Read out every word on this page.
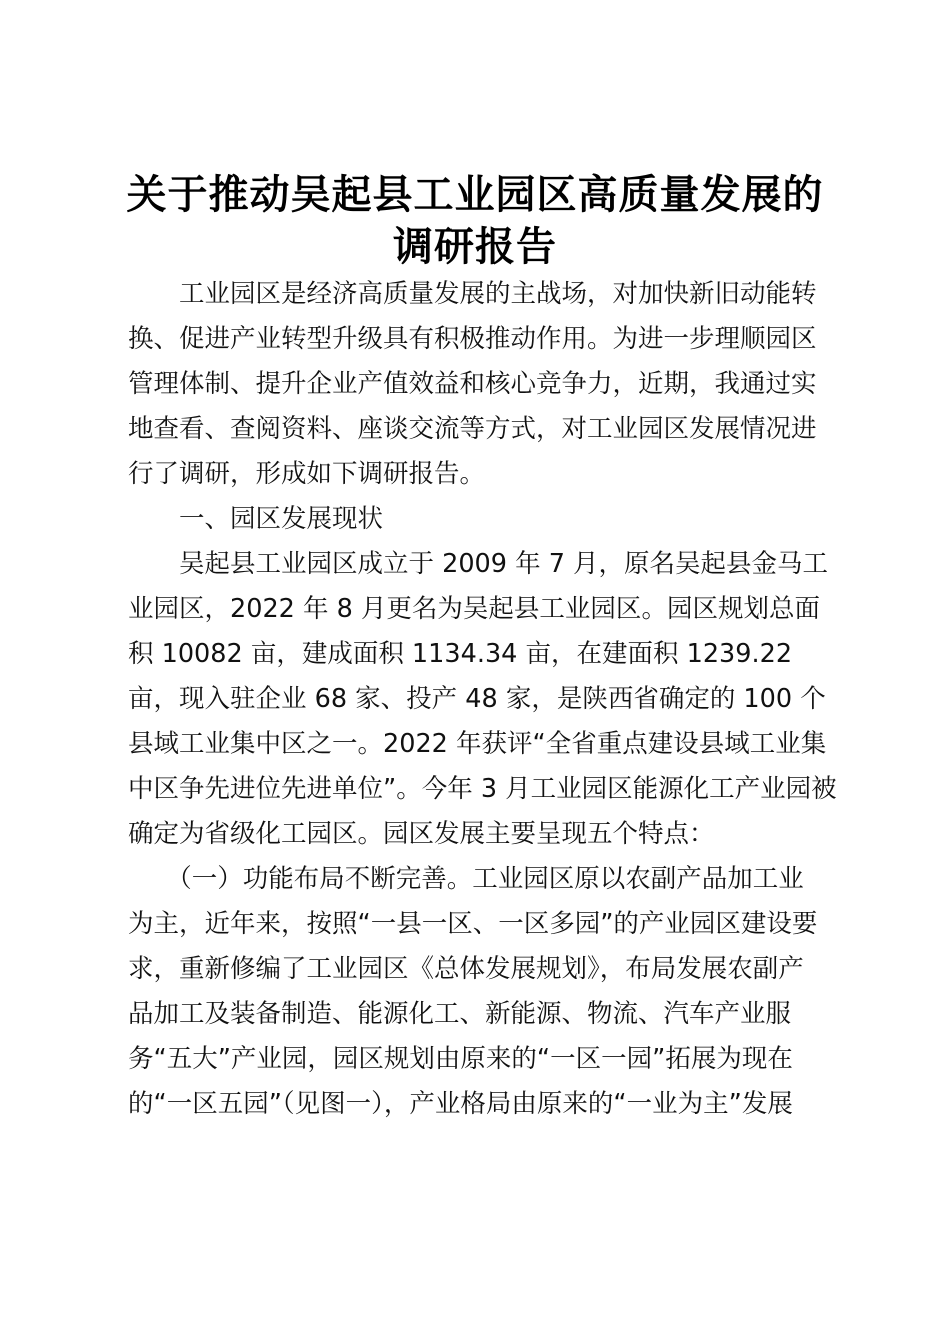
关于推动吴起县工业园区高质量发展的
调研报告
　　工业园区是经济高质量发展的主战场，对加快新旧动能转
换、促进产业转型升级具有积极推动作用。为进一步理顺园区
管理体制、提升企业产值效益和核心竞争力，近期，我通过实
地查看、查阅资料、座谈交流等方式，对工业园区发展情况进
行了调研，形成如下调研报告。
　　一、园区发展现状
　　吴起县工业园区成立于 2009 年 7 月，原名吴起县金马工
业园区，2022 年 8 月更名为吴起县工业园区。园区规划总面
积 10082 亩，建成面积 1134.34 亩，在建面积 1239.22
亩，现入驻企业 68 家、投产 48 家，是陕西省确定的 100 个
县域工业集中区之一。2022 年获评“全省重点建设县域工业集
中区争先进位先进单位”。今年 3 月工业园区能源化工产业园被
确定为省级化工园区。园区发展主要呈现五个特点：
　　（一）功能布局不断完善。工业园区原以农副产品加工业
为主，近年来，按照“一县一区、一区多园”的产业园区建设要
求，重新修编了工业园区《总体发展规划》，布局发展农副产
品加工及装备制造、能源化工、新能源、物流、汽车产业服
务“五大”产业园，园区规划由原来的“一区一园”拓展为现在
的“一区五园”（见图一），产业格局由原来的“一业为主”发展
